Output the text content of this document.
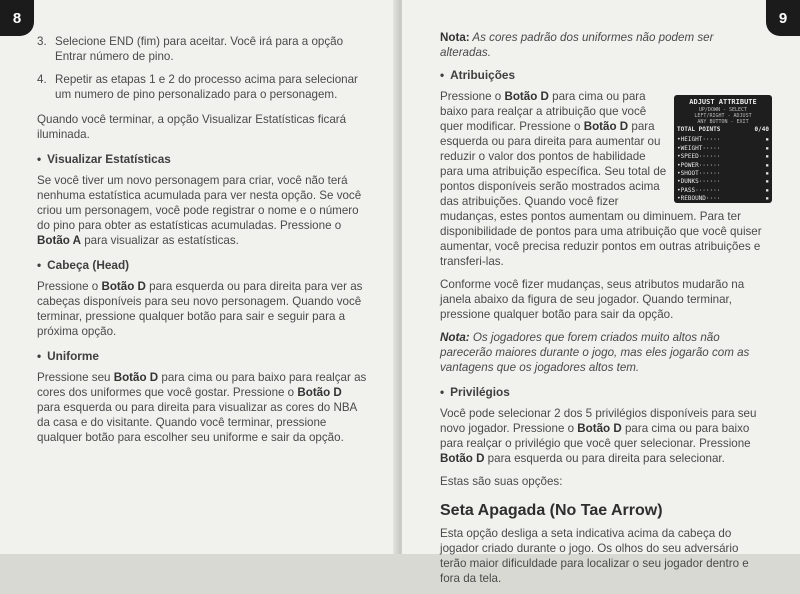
8
3. Selecione END (fim) para aceitar. Você irá para a opção Entrar número de pino.
4. Repetir as etapas 1 e 2 do processo acima para selecionar um numero de pino personalizado para o personagem.

Quando você terminar, a opção Visualizar Estatísticas ficará iluminada.

• Visualizar Estatísticas

Se você tiver um novo personagem para criar, você não terá nenhuma estatística acumulada para ver nesta opção. Se você criou um personagem, você pode registrar o nome e o número do pino para obter as estatísticas acumuladas. Pressione o Botão A para visualizar as estatísticas.

• Cabeça (Head)

Pressione o Botão D para esquerda ou para direita para ver as cabeças disponíveis para seu novo personagem. Quando você terminar, pressione qualquer botão para sair e seguir para a próxima opção.

• Uniforme

Pressione seu Botão D para cima ou para baixo para realçar as cores dos uniformes que você gostar. Pressione o Botão D para esquerda ou para direita para visualizar as cores do NBA da casa e do visitante. Quando você terminar, pressione qualquer botão para escolher seu uniforme e sair da opção.

9

Nota: As cores padrão dos uniformes não podem ser alteradas.

• Atribuições
ADJUST ATTRIBUTE
UP/DOWN - SELECT
LEFT/RIGHT - ADJUST
ANY BUTTON - EXIT
TOTAL POINTS	0/40
•HEIGHT·····	▪
•WEIGHT·····	▪
•SPEED······	▪
•POWER······	▪
•SHOOT······	▪
•DUNKS······	▪
•PASS·······	▪
•REBOUND····	▪

Pressione o Botão D para cima ou para baixo para realçar a atribuição que você quer modificar. Pressione o Botão D para esquerda ou para direita para aumentar ou reduzir o valor dos pontos de habilidade para uma atribuição específica. Seu total de pontos disponíveis serão mostrados acima das atribuições. Quando você fizer mudanças, estes pontos aumentam ou diminuem. Para ter disponibilidade de pontos para uma atribuição que você quiser aumentar, você precisa reduzir pontos em outras atribuições e transferi-las.

Conforme você fizer mudanças, seus atributos mudarão na janela abaixo da figura de seu jogador. Quando terminar, pressione qualquer botão para sair da opção.

Nota: Os jogadores que forem criados muito altos não parecerão maiores durante o jogo, mas eles jogarão com as vantagens que os jogadores altos tem.

• Privilégios

Você pode selecionar 2 dos 5 privilégios disponíveis para seu novo jogador. Pressione o Botão D para cima ou para baixo para realçar o privilégio que você quer selecionar. Pressione Botão D para esquerda ou para direita para selecionar.

Estas são suas opções:

Seta Apagada (No Tae Arrow)

Esta opção desliga a seta indicativa acima da cabeça do jogador criado durante o jogo. Os olhos do seu adversário terão maior dificuldade para localizar o seu jogador dentro e fora da tela.
